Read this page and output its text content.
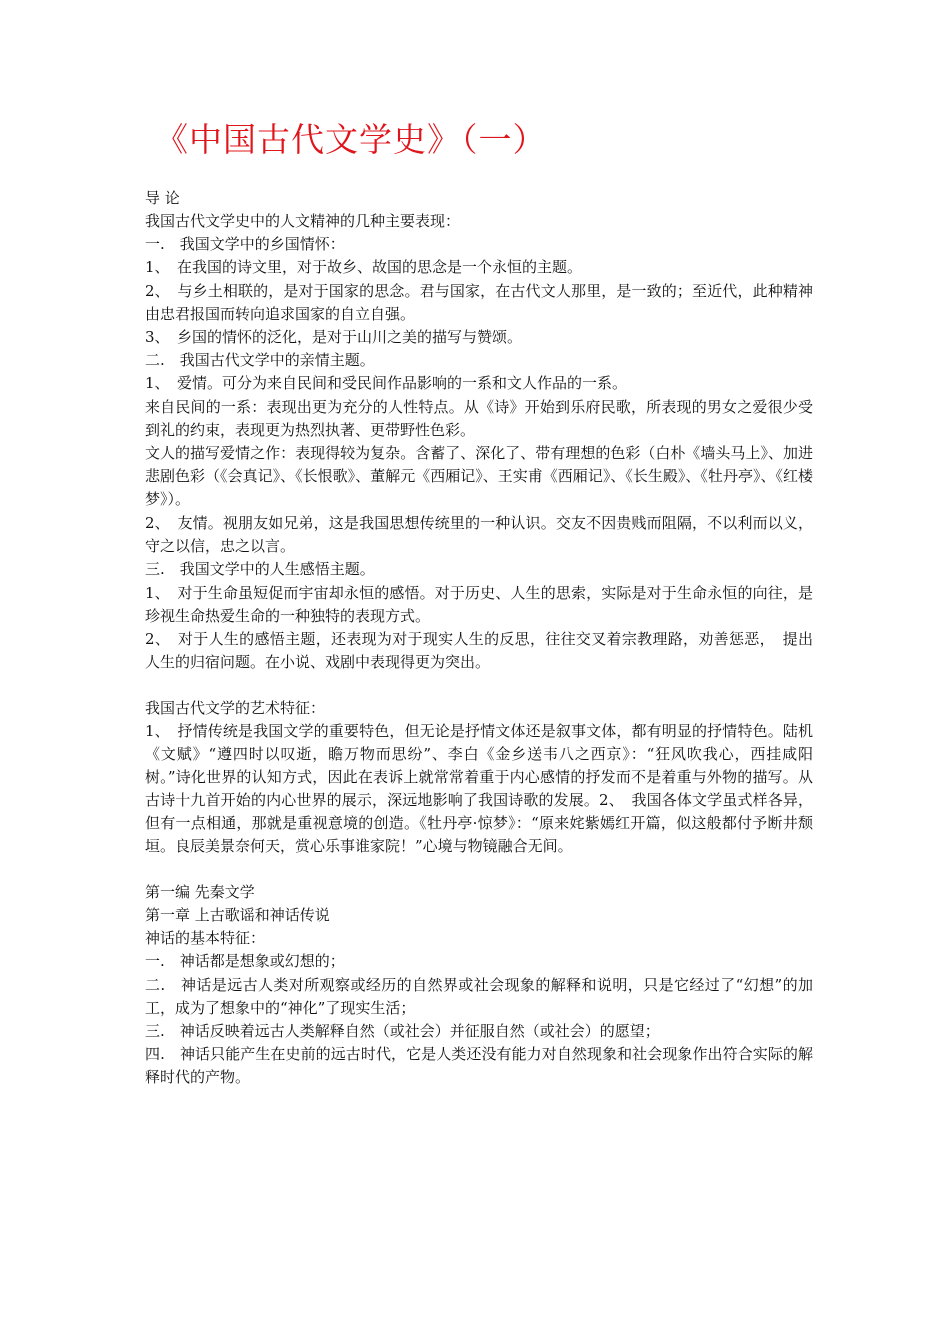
《中国古代文学史》（一）

导 论

我国古代文学史中的人文精神的几种主要表现：

一.　我国文学中的乡国情怀：

1、　在我国的诗文里，对于故乡、故国的思念是一个永恒的主题。

2、　与乡土相联的，是对于国家的思念。君与国家，在古代文人那里，是一致的；至近代，此种精神由忠君报国而转向追求国家的自立自强。

3、　乡国的情怀的泛化，是对于山川之美的描写与赞颂。

二.　我国古代文学中的亲情主题。

1、　爱情。可分为来自民间和受民间作品影响的一系和文人作品的一系。

来自民间的一系：表现出更为充分的人性特点。从《诗》开始到乐府民歌，所表现的男女之爱很少受到礼的约束，表现更为热烈执著、更带野性色彩。

文人的描写爱情之作：表现得较为复杂。含蓄了、深化了、带有理想的色彩（白朴《墙头马上》、加进悲剧色彩（《会真记》、《长恨歌》、董解元《西厢记》、王实甫《西厢记》、《长生殿》、《牡丹亭》、《红楼梦》）。

2、　友情。视朋友如兄弟，这是我国思想传统里的一种认识。交友不因贵贱而阻隔，不以利而以义，守之以信，忠之以言。

三.　我国文学中的人生感悟主题。

1、　对于生命虽短促而宇宙却永恒的感悟。对于历史、人生的思索，实际是对于生命永恒的向往，是珍视生命热爱生命的一种独特的表现方式。

2、　对于人生的感悟主题，还表现为对于现实人生的反思，往往交叉着宗教理路，劝善惩恶，　提出人生的归宿问题。在小说、戏剧中表现得更为突出。

我国古代文学的艺术特征：

1、　抒情传统是我国文学的重要特色，但无论是抒情文体还是叙事文体，都有明显的抒情特色。陆机《文赋》“遵四时以叹逝，瞻万物而思纷”、李白《金乡送韦八之西京》：“狂风吹我心，西挂咸阳树。”诗化世界的认知方式，因此在表诉上就常常着重于内心感情的抒发而不是着重与外物的描写。从古诗十九首开始的内心世界的展示，深远地影响了我国诗歌的发展。2、　我国各体文学虽式样各异，但有一点相通，那就是重视意境的创造。《牡丹亭·惊梦》：“原来姹紫嫣红开篇，似这般都付予断井颓垣。良辰美景奈何天，赏心乐事谁家院！”心境与物镜融合无间。

第一编 先秦文学

第一章 上古歌谣和神话传说

神话的基本特征：

一.　神话都是想象或幻想的；

二.　神话是远古人类对所观察或经历的自然界或社会现象的解释和说明，只是它经过了“幻想”的加工，成为了想象中的“神化”了现实生活；

三.　神话反映着远古人类解释自然（或社会）并征服自然（或社会）的愿望；

四.　神话只能产生在史前的远古时代，它是人类还没有能力对自然现象和社会现象作出符合实际的解释时代的产物。
